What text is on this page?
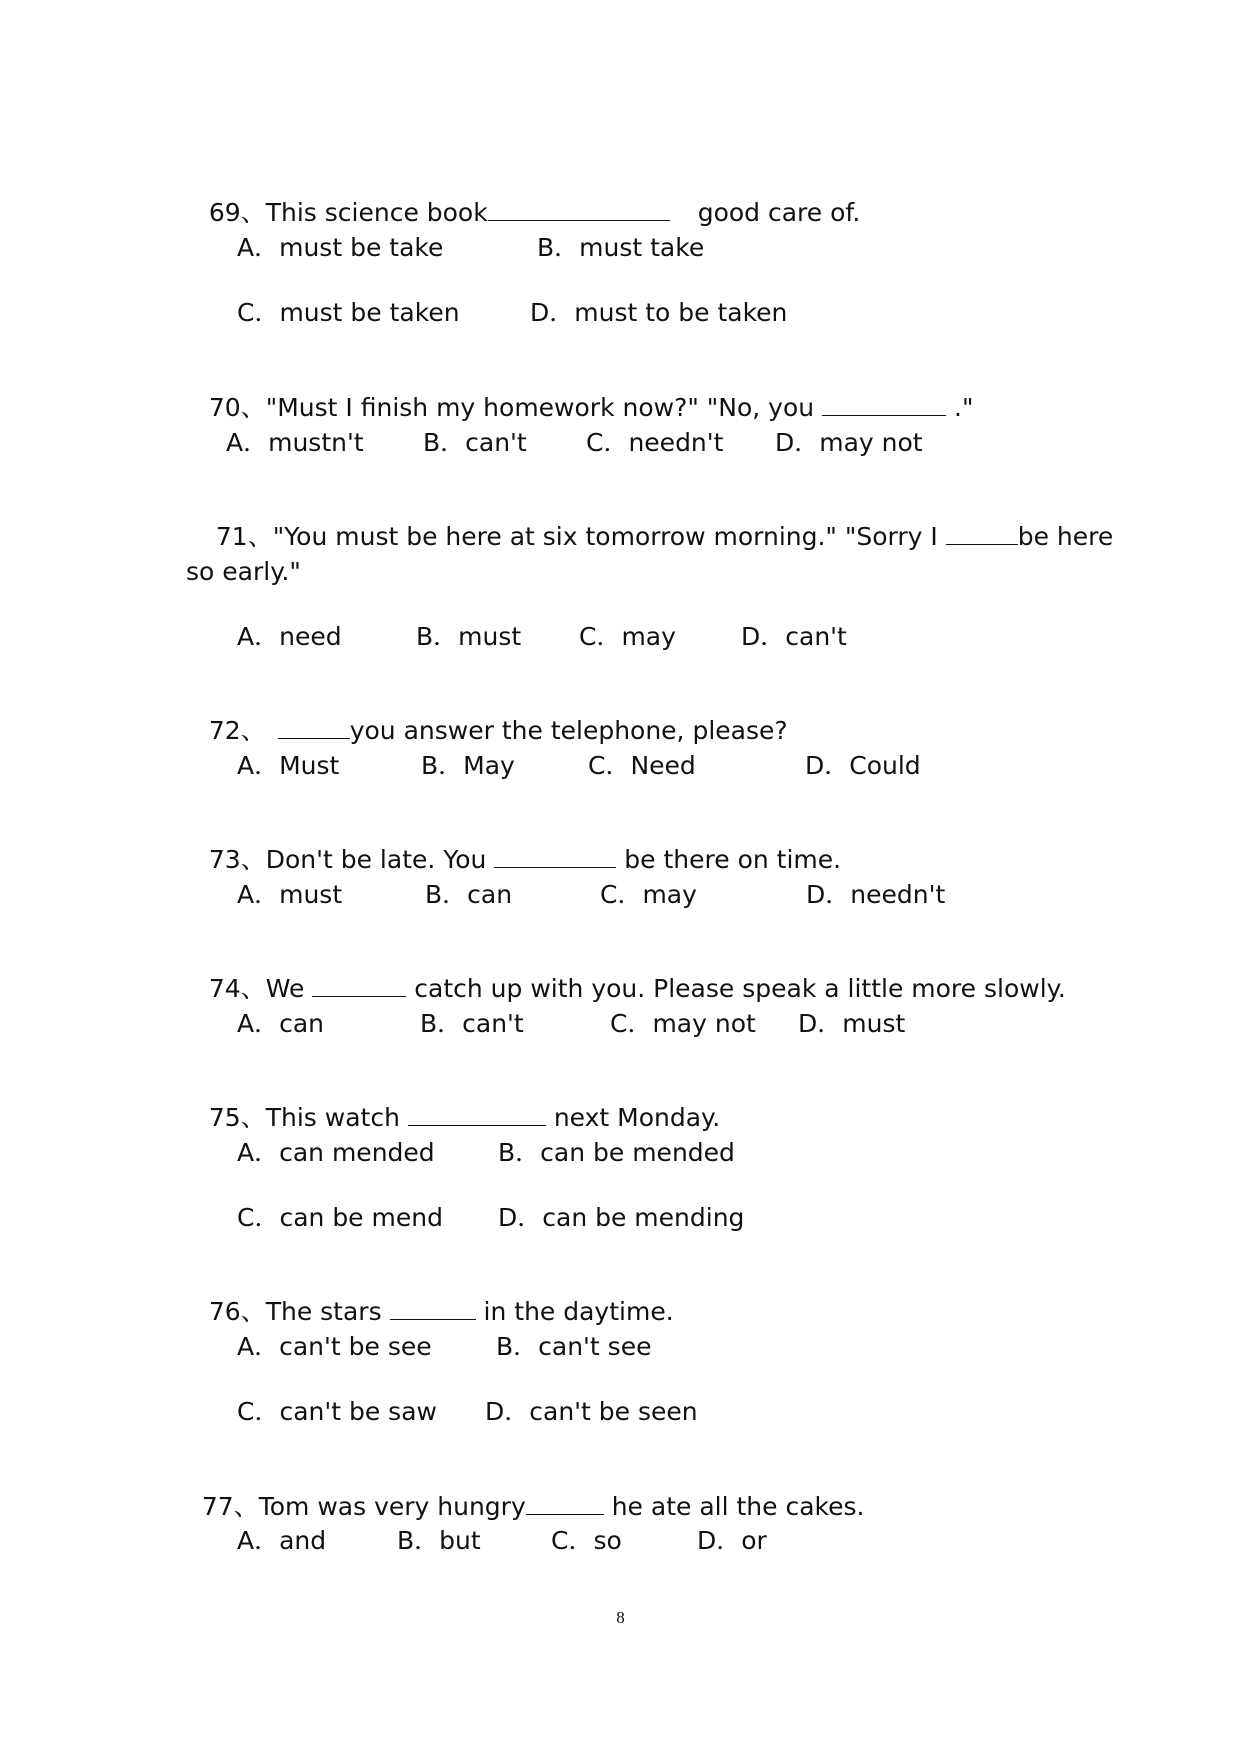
69、This science book	good care of.

A．must be take	B．must take
C．must be taken	D．must to be taken

70、"Must I finish my homework now?" "No, you	."

A．mustn't B．can't C．needn't D．may not

71、"You must be here at six tomorrow morning." "Sorry I	be here

so early."
A．need	B．must C．may	D．can't

72、	you answer the telephone, please?

A．Must	B．May	C．Need	D．Could

73、Don't be late. You	be there on time.

A．must	B．can	C．may	D．needn't

74、We	catch up with you. Please speak a little more slowly.

A．can	B．can't	C．may not D．must

75、This watch	next Monday.

A．can mended	B．can be mended
C．can be mend D．can be mending

76、The stars	in the daytime.

A．can't be see	B．can't see
C．can't be saw D．can't be seen

77、Tom was very hungry	he ate all the cakes.

A．and	B．but	C．so	D．or
8
